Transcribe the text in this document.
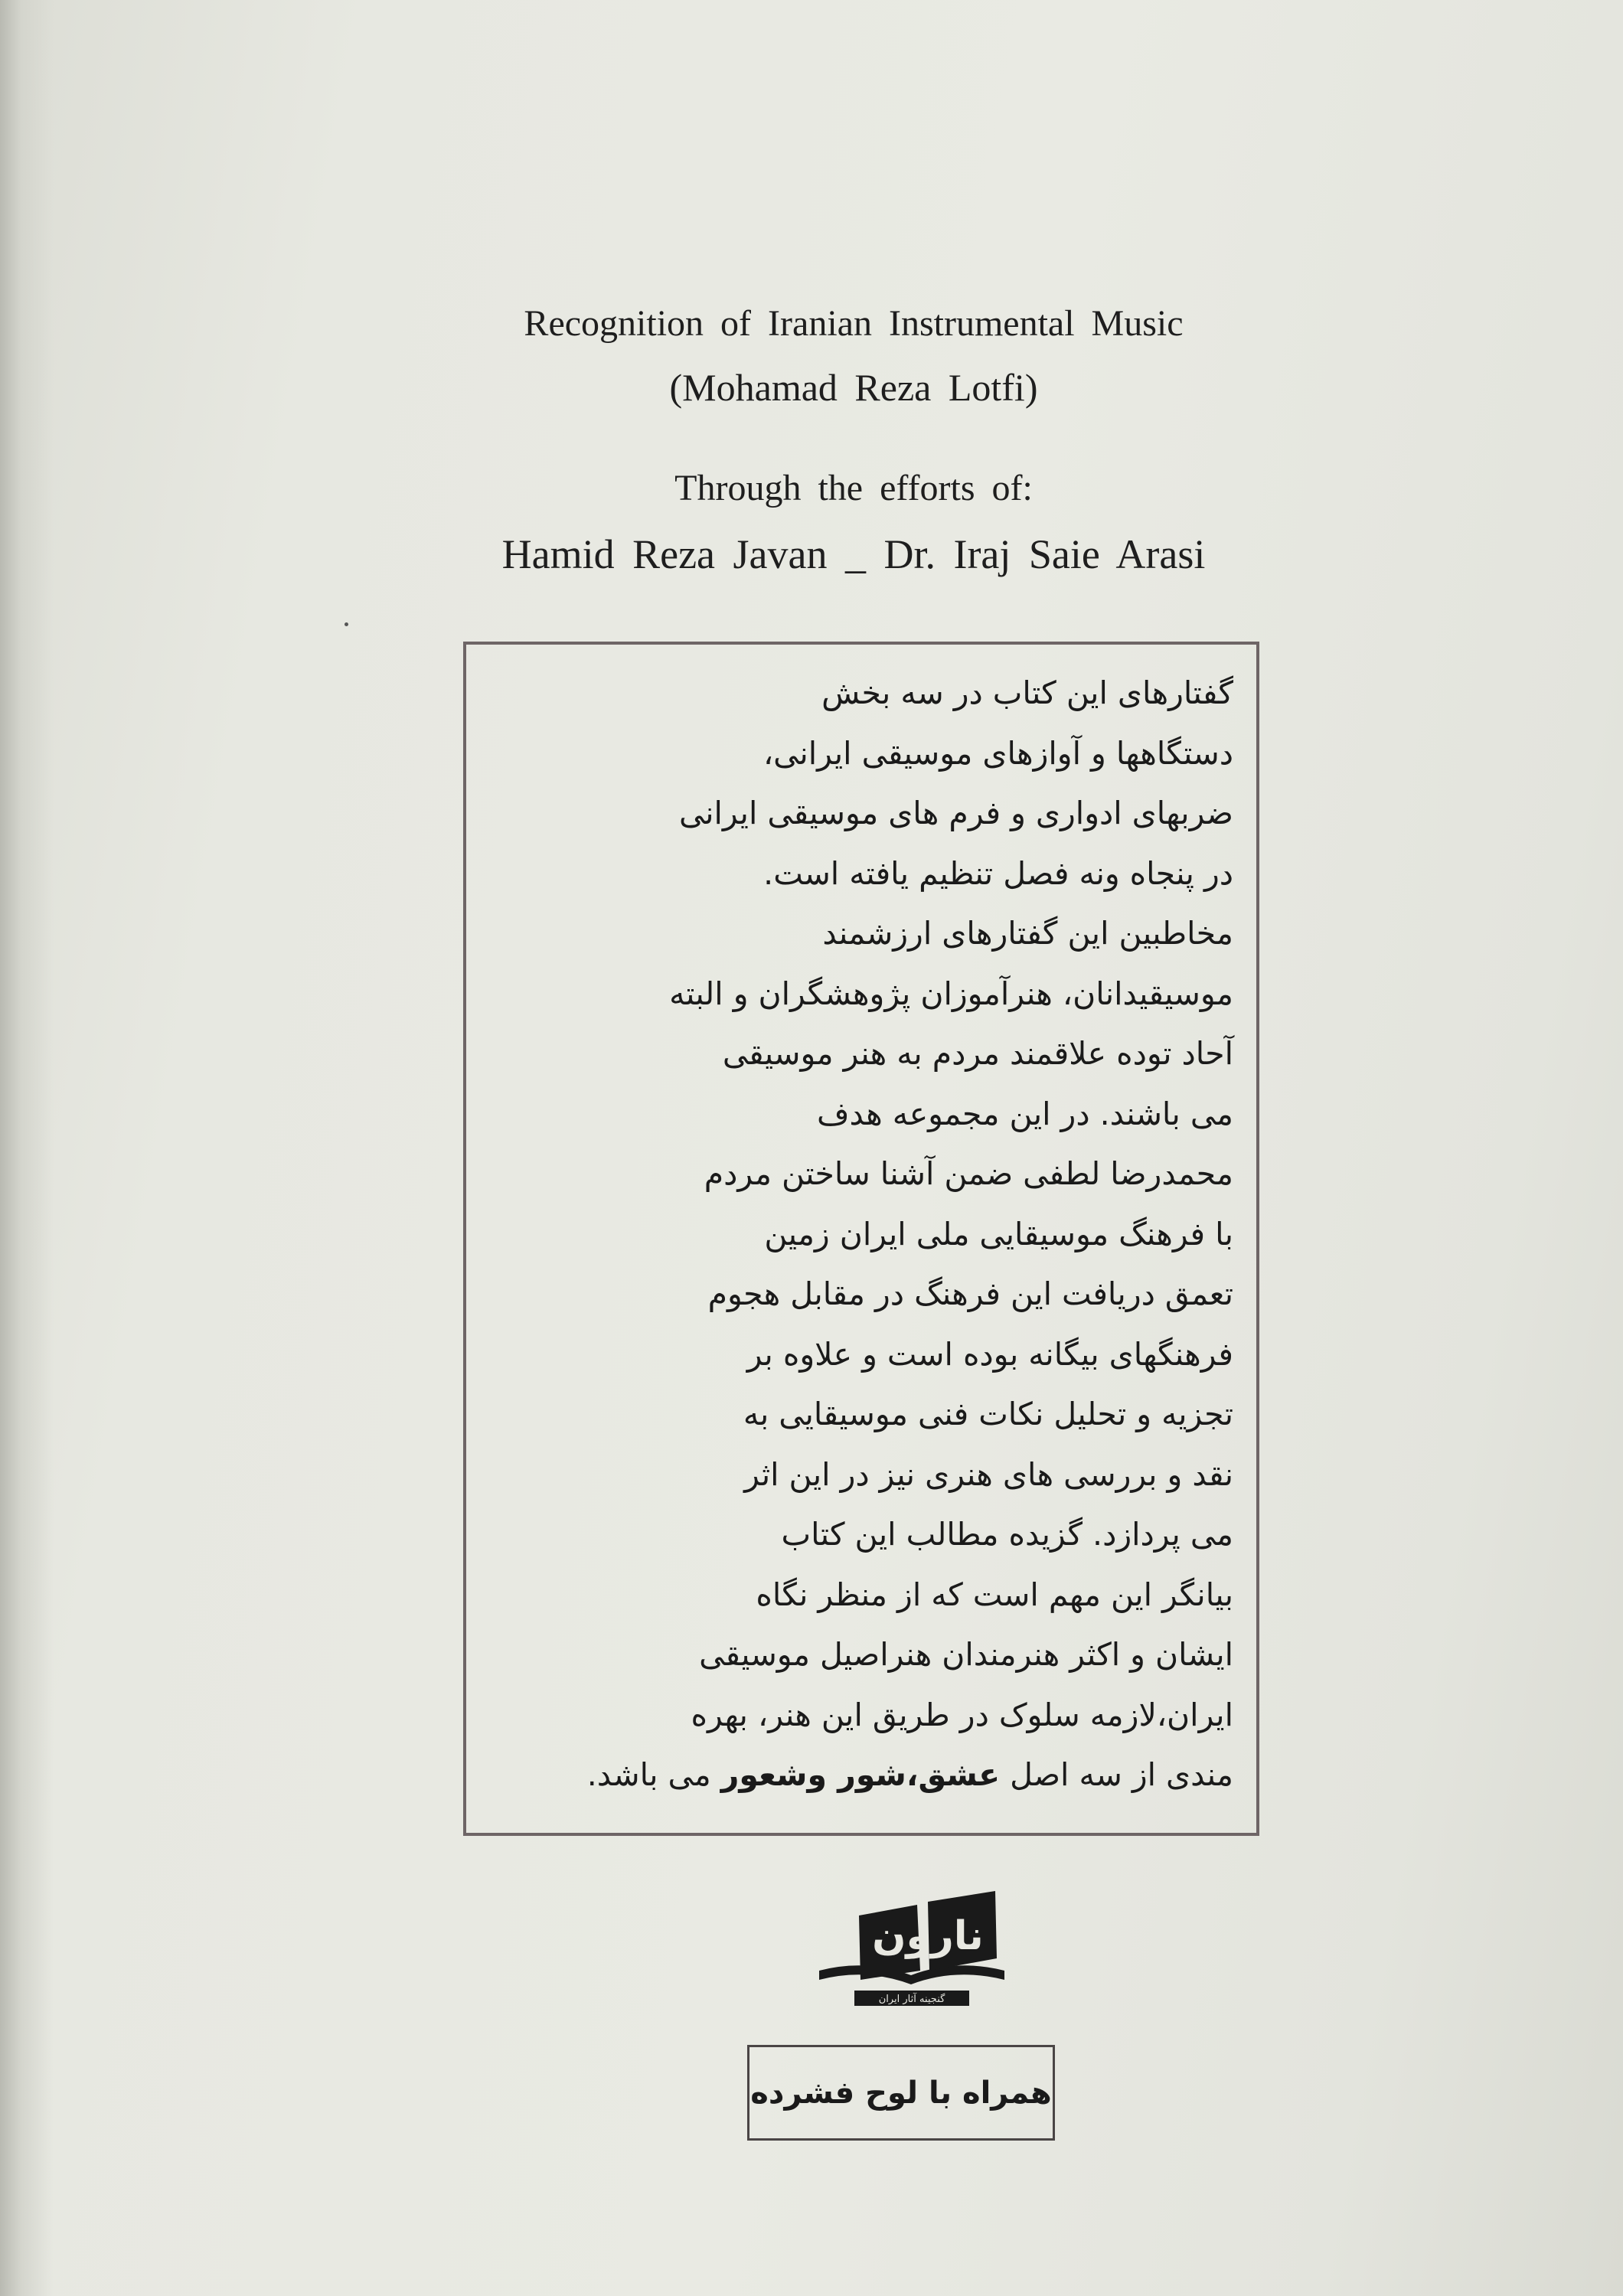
Recognition of Iranian Instrumental Music
(Mohamad Reza Lotfi)
Through the efforts of:
Hamid Reza Javan _ Dr. Iraj Saie Arasi
گفتارهای این کتاب در سه بخش
دستگاهها و آوازهای موسیقی ایرانی،
ضربهای ادواری و فرم های موسیقی ایرانی
در پنجاه ونه فصل تنظیم یافته است.
مخاطبین این گفتارهای ارزشمند
موسیقیدانان، هنرآموزان پژوهشگران و البته
آحاد توده علاقمند مردم به هنر موسیقی
می باشند. در این مجموعه هدف
محمدرضا لطفی ضمن آشنا ساختن مردم
با فرهنگ موسیقایی ملی ایران زمین
تعمق دریافت این فرهنگ در مقابل هجوم
فرهنگهای بیگانه بوده است و علاوه بر
تجزیه و تحلیل نکات فنی موسیقایی به
نقد و بررسی های هنری نیز در این اثر
می پردازد. گزیده مطالب این کتاب
بیانگر این مهم است که از منظر نگاه
ایشان و اکثر هنرمندان هنراصیل موسیقی
ایران،لازمه سلوک در طریق این هنر، بهره
مندی از سه اصل عشق،شور وشعور می باشد.
نارون
گنجینه آثار ایران
همراه با لوح فشرده
